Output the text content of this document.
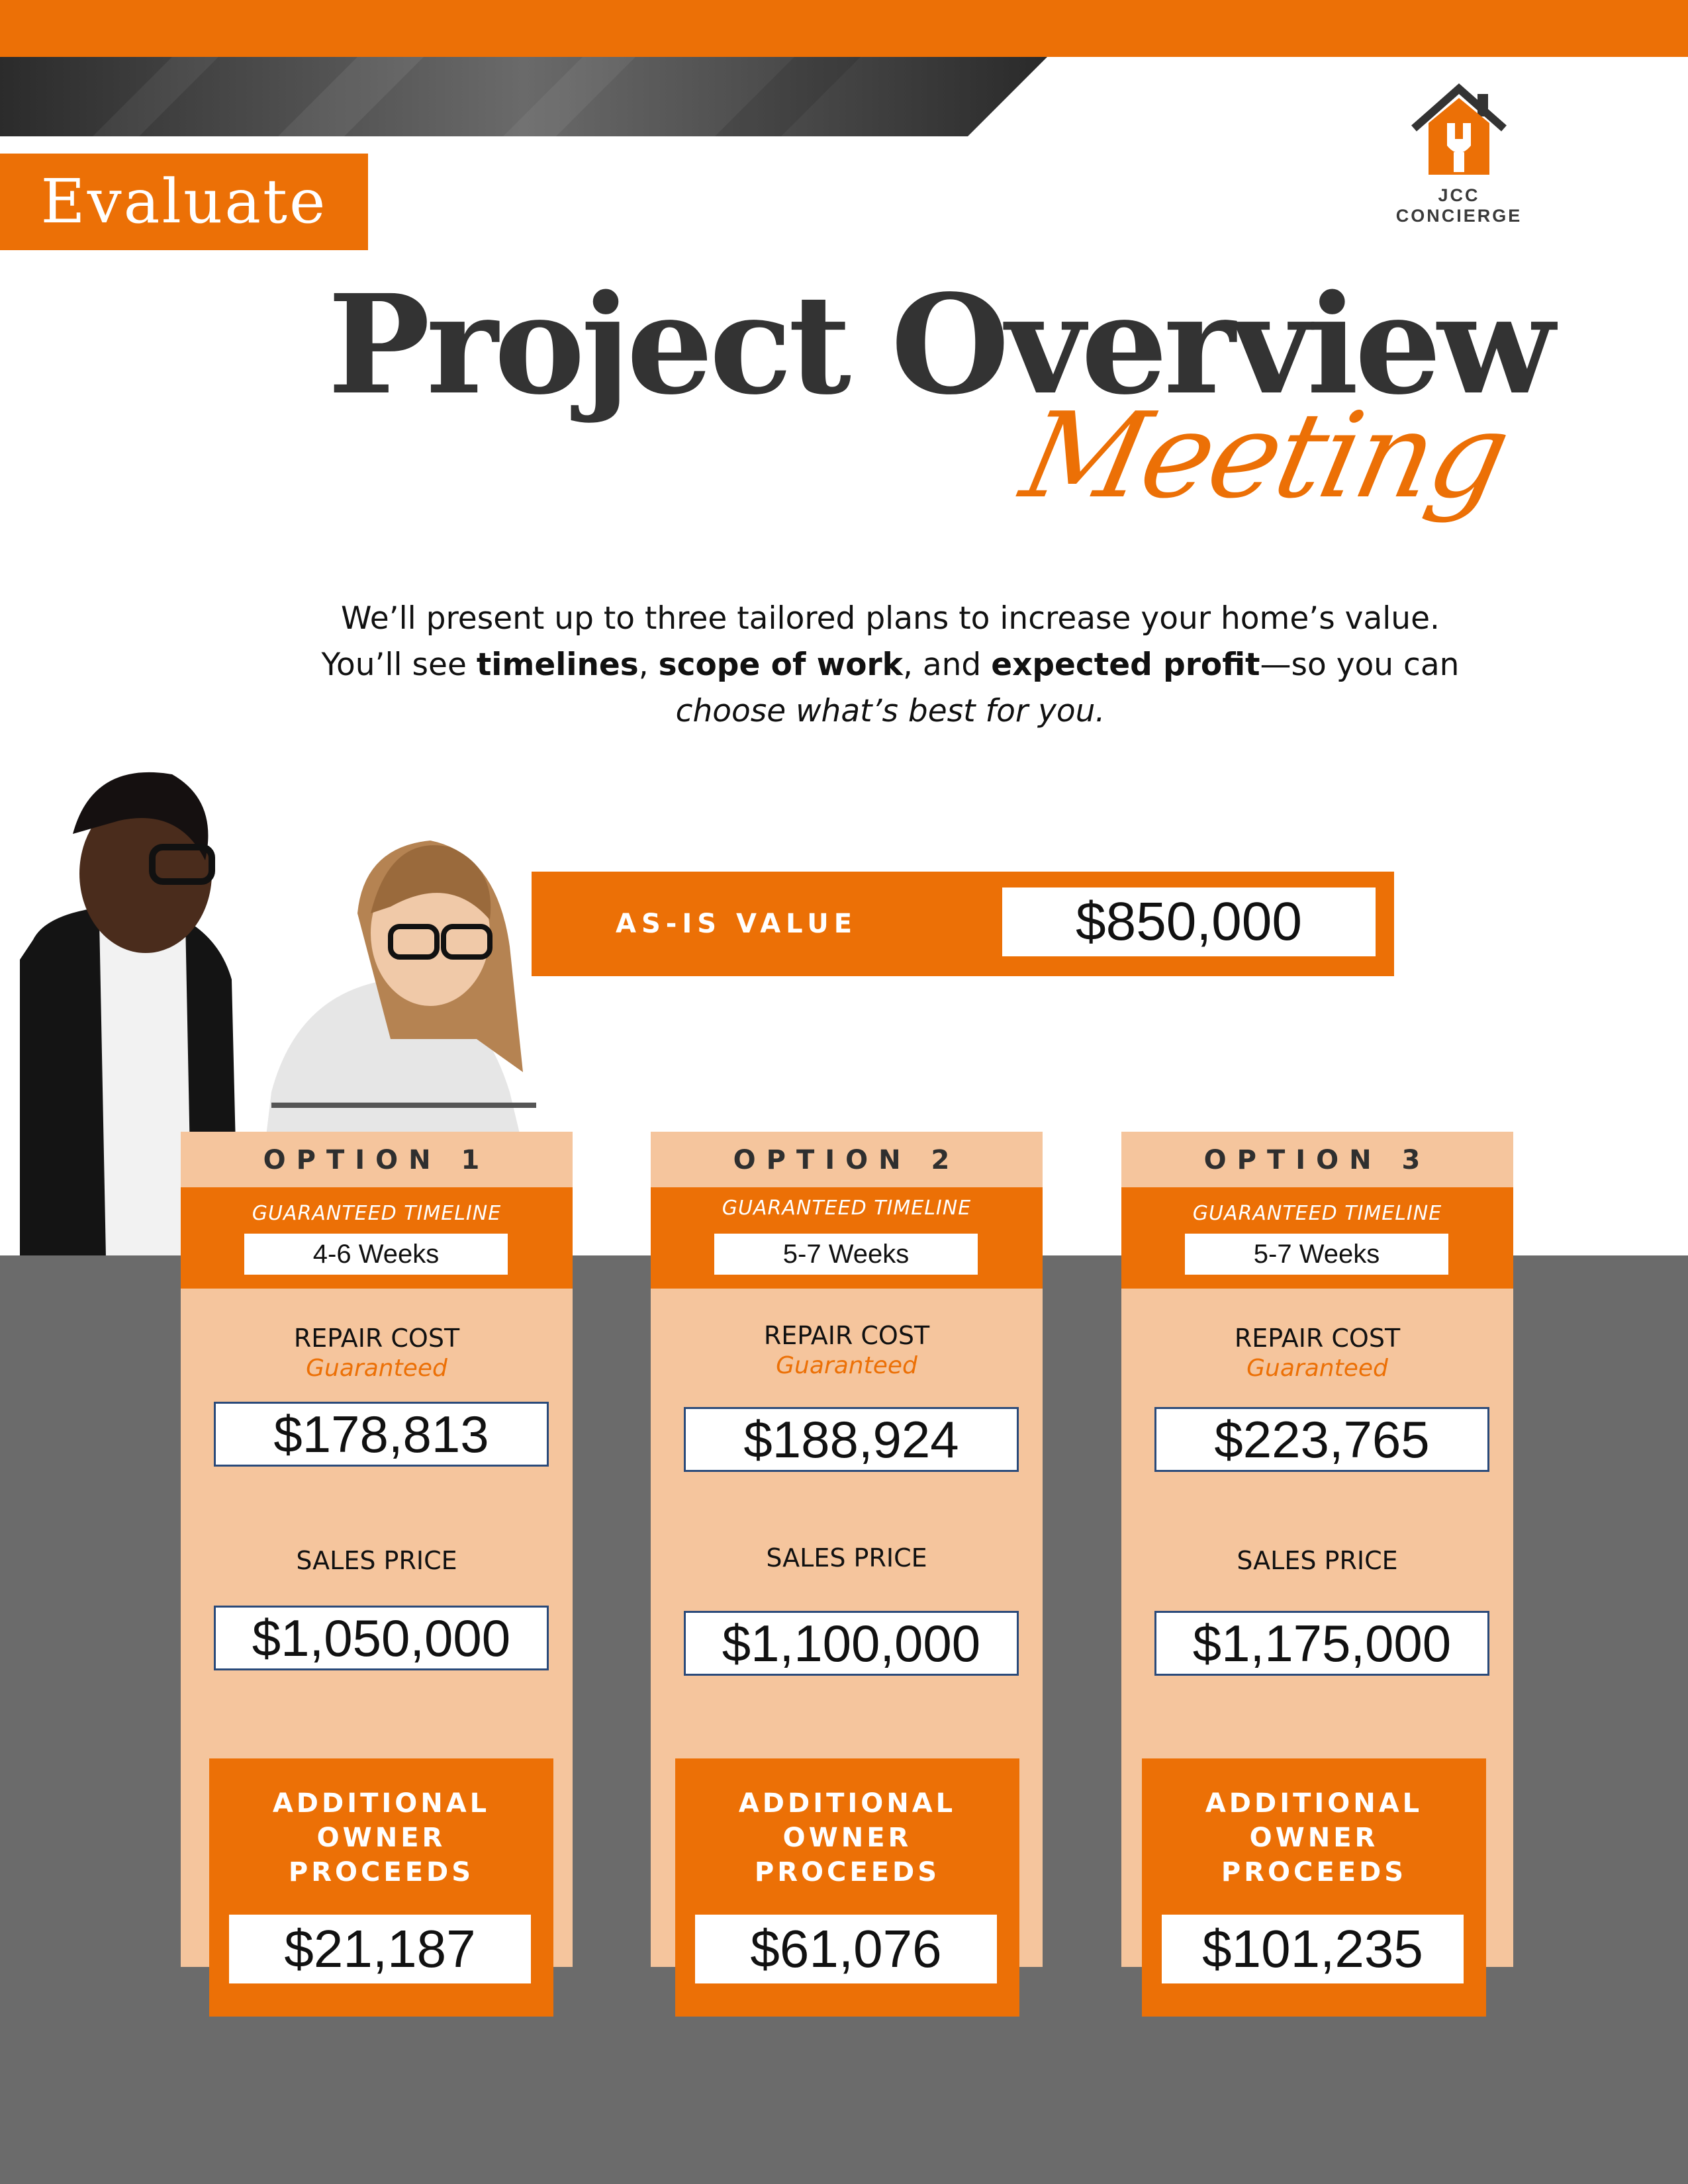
Evaluate	JCC CONCIERGE
Project Overview
Meeting
We’ll present up to three tailored plans to increase your home’s value.
You’ll see timelines, scope of work, and expected profit—so you can
choose what’s best for you.
AS-IS VALUE	$850,000
OPTION 1
GUARANTEED TIMELINE
4-6 Weeks
REPAIR COST
Guaranteed
$178,813
SALES PRICE
$1,050,000
ADDITIONAL
OWNER
PROCEEDS
$21,187
OPTION 2
GUARANTEED TIMELINE
5-7 Weeks
REPAIR COST
Guaranteed
$188,924
SALES PRICE
$1,100,000
ADDITIONAL
OWNER
PROCEEDS
$61,076
OPTION 3
GUARANTEED TIMELINE
5-7 Weeks
REPAIR COST
Guaranteed
$223,765
SALES PRICE
$1,175,000
ADDITIONAL
OWNER
PROCEEDS
$101,235
